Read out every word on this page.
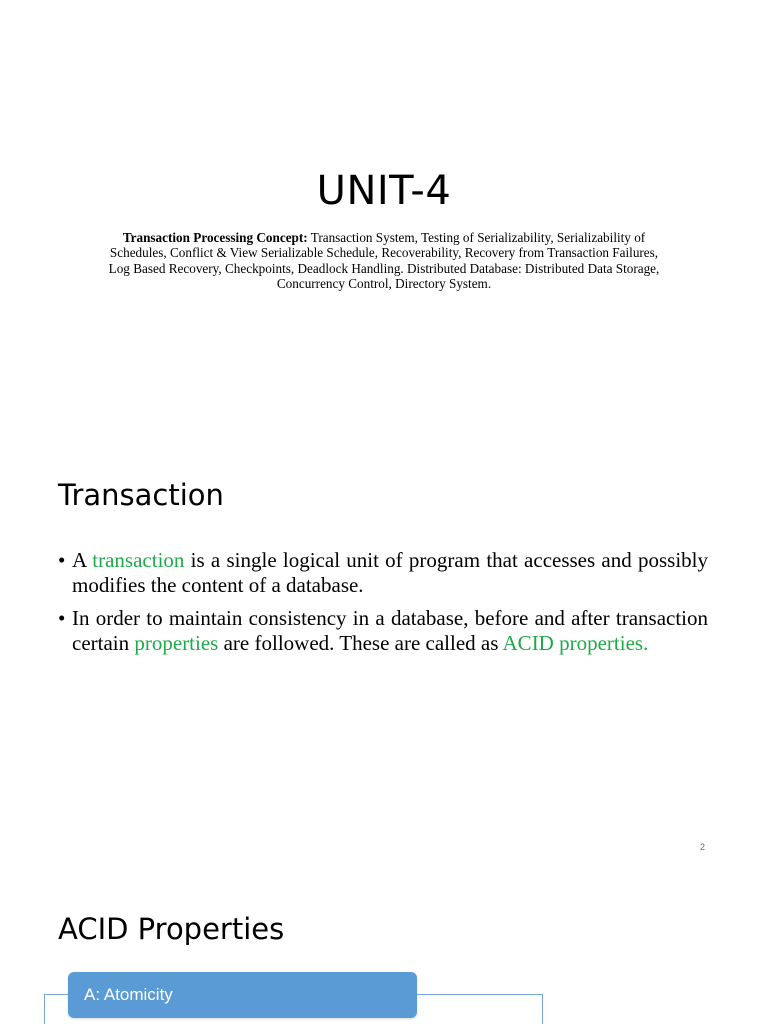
UNIT-4

Transaction Processing Concept: Transaction System, Testing of Serializability, Serializability of Schedules, Conflict & View Serializable Schedule, Recoverability, Recovery from Transaction Failures, Log Based Recovery, Checkpoints, Deadlock Handling. Distributed Database: Distributed Data Storage, Concurrency Control, Directory System.

Transaction
• A transaction is a single logical unit of program that accesses and possibly modifies the content of a database.
• In order to maintain consistency in a database, before and after transaction certain properties are followed. These are called as ACID properties.
2
ACID Properties
A: Atomicity
